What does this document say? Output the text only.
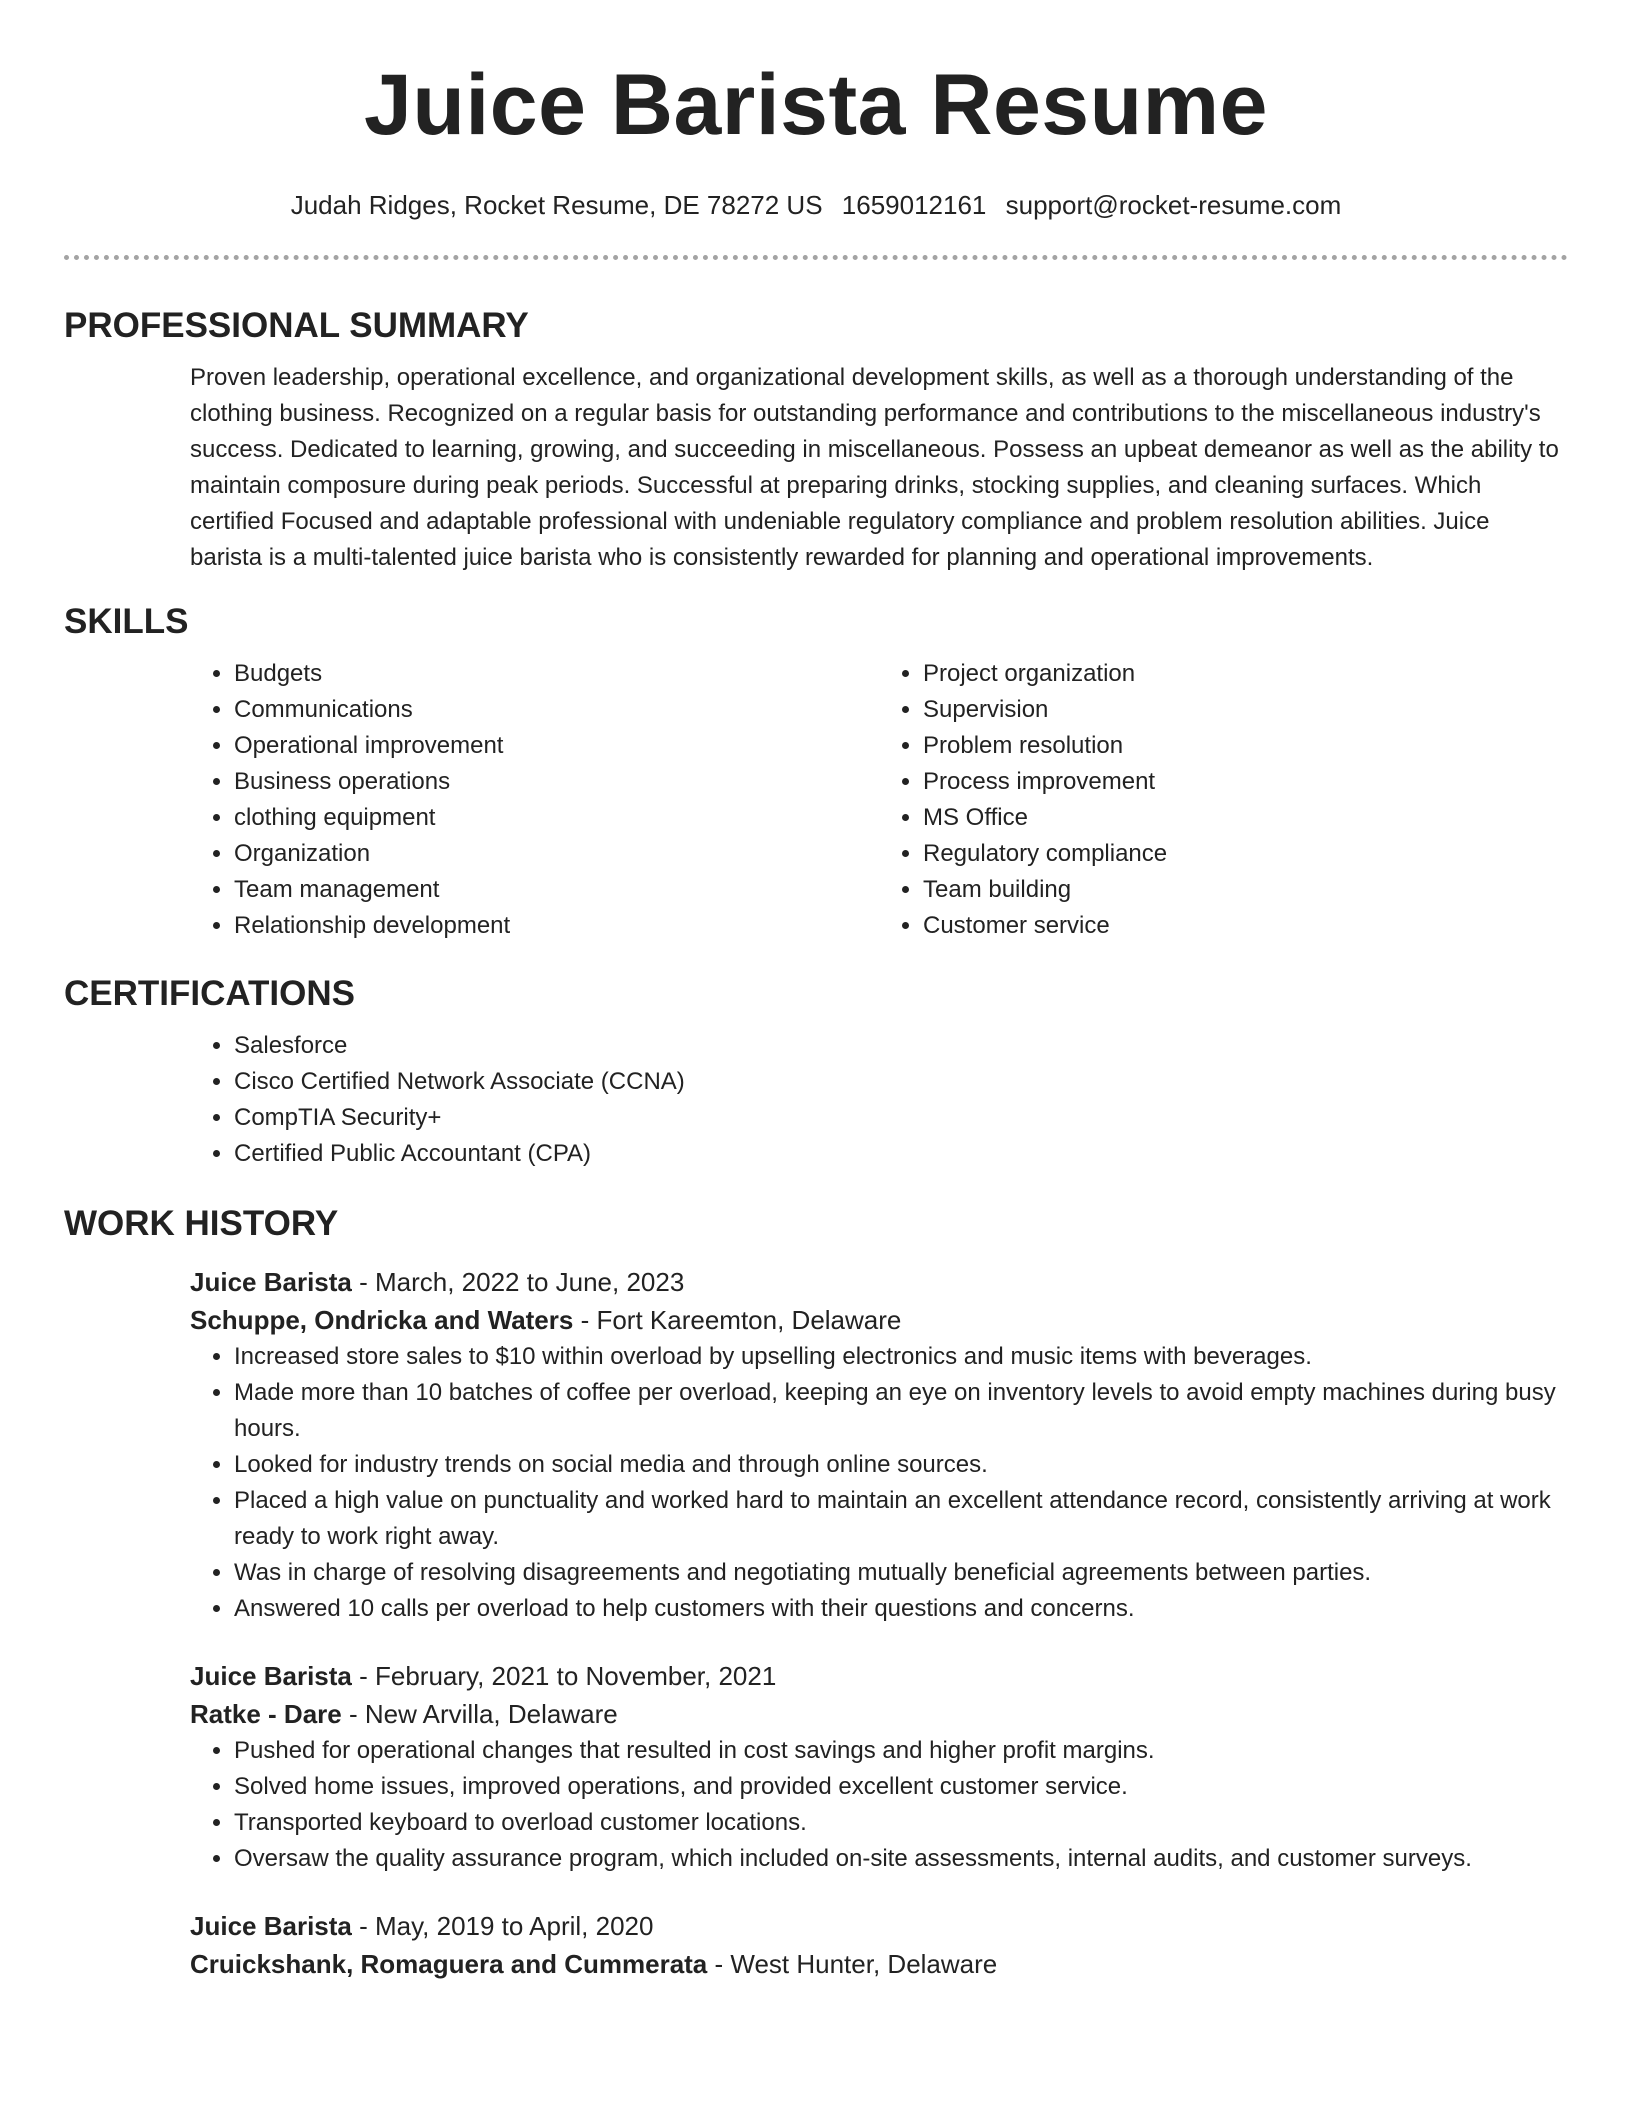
Juice Barista Resume
Judah Ridges, Rocket Resume, DE 78272 US 1659012161 support@rocket-resume.com
PROFESSIONAL SUMMARY

Proven leadership, operational excellence, and organizational development skills, as well as a thorough understanding of the clothing business. Recognized on a regular basis for outstanding performance and contributions to the miscellaneous industry's success. Dedicated to learning, growing, and succeeding in miscellaneous. Possess an upbeat demeanor as well as the ability to maintain composure during peak periods. Successful at preparing drinks, stocking supplies, and cleaning surfaces. Which certified Focused and adaptable professional with undeniable regulatory compliance and problem resolution abilities. Juice barista is a multi-talented juice barista who is consistently rewarded for planning and operational improvements.

SKILLS
• Budgets
• Communications
• Operational improvement
• Business operations
• clothing equipment
• Organization
• Team management
• Relationship development
• Project organization
• Supervision
• Problem resolution
• Process improvement
• MS Office
• Regulatory compliance
• Team building
• Customer service
CERTIFICATIONS
• Salesforce
• Cisco Certified Network Associate (CCNA)
• CompTIA Security+
• Certified Public Accountant (CPA)
WORK HISTORY
Juice Barista - March, 2022 to June, 2023
Schuppe, Ondricka and Waters - Fort Kareemton, Delaware
• Increased store sales to $10 within overload by upselling electronics and music items with beverages.
• Made more than 10 batches of coffee per overload, keeping an eye on inventory levels to avoid empty machines during busy hours.
• Looked for industry trends on social media and through online sources.
• Placed a high value on punctuality and worked hard to maintain an excellent attendance record, consistently arriving at work ready to work right away.
• Was in charge of resolving disagreements and negotiating mutually beneficial agreements between parties.
• Answered 10 calls per overload to help customers with their questions and concerns.
Juice Barista - February, 2021 to November, 2021
Ratke - Dare - New Arvilla, Delaware
• Pushed for operational changes that resulted in cost savings and higher profit margins.
• Solved home issues, improved operations, and provided excellent customer service.
• Transported keyboard to overload customer locations.
• Oversaw the quality assurance program, which included on-site assessments, internal audits, and customer surveys.
Juice Barista - May, 2019 to April, 2020
Cruickshank, Romaguera and Cummerata - West Hunter, Delaware
